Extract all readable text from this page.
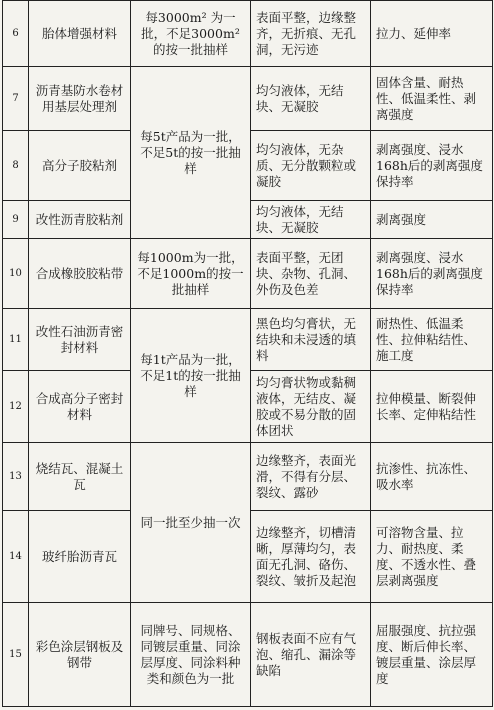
6	胎体增强材料	每3000m² 为一批，不足3000m² 的按一批抽样	表面平整，边缘整齐，无折痕、无孔洞，无污迹	拉力、延伸率
7	沥青基防水卷材用基层处理剂	每5t产品为一批，不足5t的按一批抽样	均匀液体，无结块、无凝胶	固体含量、耐热性、低温柔性、剥离强度
8	高分子胶粘剂		均匀液体，无杂质、无分散颗粒或凝胶	剥离强度、浸水168h后的剥离强度保持率
9	改性沥青胶粘剂		均匀液体，无结块、无凝胶	剥离强度
10	合成橡胶胶粘带	每1000m为一批，不足1000m的按一批抽样	表面平整，无团块、杂物、孔洞、外伤及色差	剥离强度、浸水168h后的剥离强度保持率
11	改性石油沥青密封材料	每1t产品为一批，不足1t的按一批抽样	黑色均匀膏状，无结块和未浸透的填料	耐热性、低温柔性、拉伸粘结性、施工度
12	合成高分子密封材料		均匀膏状物或黏稠液体，无结皮、凝胶或不易分散的固体团状	拉伸模量、断裂伸长率、定伸粘结性
13	烧结瓦、混凝土瓦	同一批至少抽一次	边缘整齐，表面光滑，不得有分层、裂纹、露砂	抗渗性、抗冻性、吸水率
14	玻纤胎沥青瓦		边缘整齐，切槽清晰，厚薄均匀，表面无孔洞、硌伤、裂纹、皱折及起泡	可溶物含量、拉力、耐热度、柔度、不透水性、叠层剥离强度
15	彩色涂层钢板及钢带	同牌号、同规格、同镀层重量、同涂层厚度、同涂料种类和颜色为一批	钢板表面不应有气泡、缩孔、漏涂等缺陷	屈服强度、抗拉强度、断后伸长率、镀层重量、涂层厚度
